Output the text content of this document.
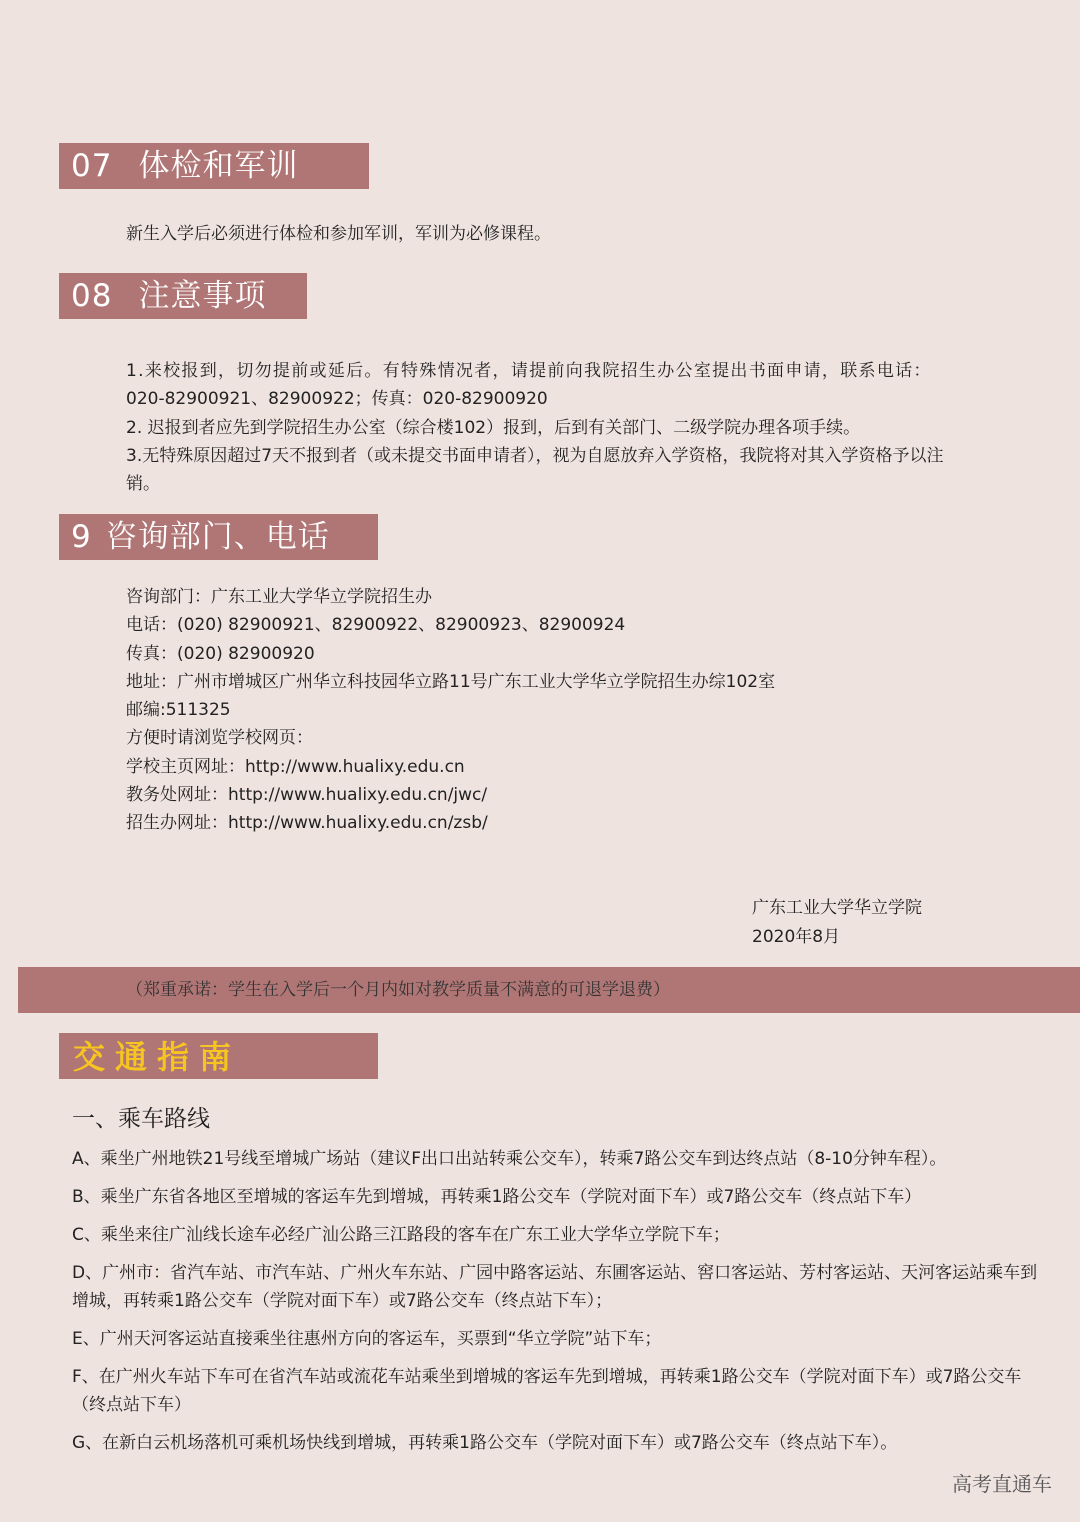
07 体检和军训
新生入学后必须进行体检和参加军训，军训为必修课程。
08 注意事项

1.来校报到，切勿提前或延后。有特殊情况者，请提前向我院招生办公室提出书面申请，联系电话：

020-82900921、82900922；传真：020-82900920

2. 迟报到者应先到学院招生办公室（综合楼102）报到，后到有关部门、二级学院办理各项手续。

3.无特殊原因超过7天不报到者（或未提交书面申请者），视为自愿放弃入学资格，我院将对其入学资格予以注

销。

9 咨询部门、电话

咨询部门：广东工业大学华立学院招生办

电话：(020) 82900921、82900922、82900923、82900924

传真：(020) 82900920

地址：广州市增城区广州华立科技园华立路11号广东工业大学华立学院招生办综102室

邮编:511325

方便时请浏览学校网页：

学校主页网址：http://www.hualixy.edu.cn

教务处网址：http://www.hualixy.edu.cn/jwc/

招生办网址：http://www.hualixy.edu.cn/zsb/

广东工业大学华立学院

2020年8月

（郑重承诺：学生在入学后一个月内如对教学质量不满意的可退学退费）
交通指南
一、乘车路线

A、乘坐广州地铁21号线至增城广场站（建议F出口出站转乘公交车），转乘7路公交车到达终点站（8-10分钟车程）。

B、乘坐广东省各地区至增城的客运车先到增城，再转乘1路公交车（学院对面下车）或7路公交车（终点站下车）

C、乘坐来往广汕线长途车必经广汕公路三江路段的客车在广东工业大学华立学院下车；

D、广州市：省汽车站、市汽车站、广州火车东站、广园中路客运站、东圃客运站、窖口客运站、芳村客运站、天河客运站乘车到增城，再转乘1路公交车（学院对面下车）或7路公交车（终点站下车）；

E、广州天河客运站直接乘坐往惠州方向的客运车，买票到“华立学院”站下车；

F、在广州火车站下车可在省汽车站或流花车站乘坐到增城的客运车先到增城，再转乘1路公交车（学院对面下车）或7路公交车（终点站下车）

G、在新白云机场落机可乘机场快线到增城，再转乘1路公交车（学院对面下车）或7路公交车（终点站下车）。

高考直通车
